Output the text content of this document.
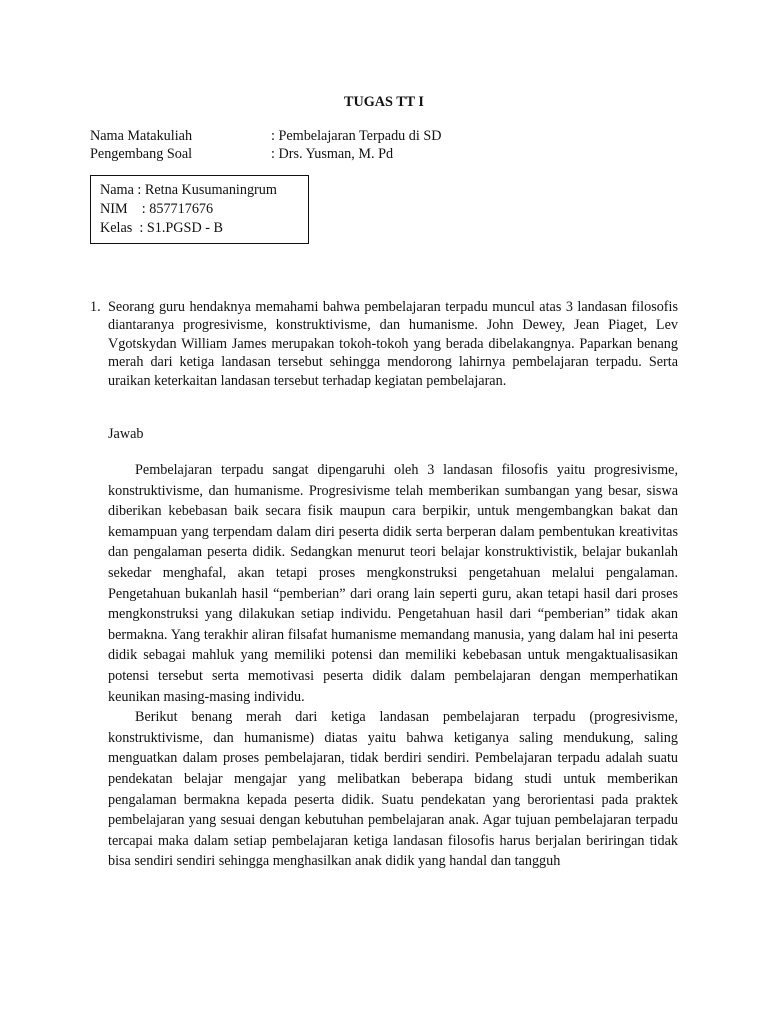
TUGAS TT I
Nama Matakuliah	: Pembelajaran Terpadu di SD
Pengembang Soal	: Drs. Yusman, M. Pd
Nama : Retna Kusumaningrum
NIM    : 857717676
Kelas  : S1.PGSD - B
1. Seorang guru hendaknya memahami bahwa pembelajaran terpadu muncul atas 3 landasan filosofis diantaranya progresivisme, konstruktivisme, dan humanisme. John Dewey, Jean Piaget, Lev Vgotskydan William James merupakan tokoh-tokoh yang berada dibelakangnya. Paparkan benang merah dari ketiga landasan tersebut sehingga mendorong lahirnya pembelajaran terpadu. Serta uraikan keterkaitan landasan tersebut terhadap kegiatan pembelajaran.
Jawab

Pembelajaran terpadu sangat dipengaruhi oleh 3 landasan filosofis yaitu progresivisme, konstruktivisme, dan humanisme. Progresivisme telah memberikan sumbangan yang besar, siswa diberikan kebebasan baik secara fisik maupun cara berpikir, untuk mengembangkan bakat dan kemampuan yang terpendam dalam diri peserta didik serta berperan dalam pembentukan kreativitas dan pengalaman peserta didik. Sedangkan menurut teori belajar konstruktivistik, belajar bukanlah sekedar menghafal, akan tetapi proses mengkonstruksi pengetahuan melalui pengalaman. Pengetahuan bukanlah hasil “pemberian” dari orang lain seperti guru, akan tetapi hasil dari proses mengkonstruksi yang dilakukan setiap individu. Pengetahuan hasil dari “pemberian” tidak akan bermakna. Yang terakhir aliran filsafat humanisme memandang manusia, yang dalam hal ini peserta didik sebagai mahluk yang memiliki potensi dan memiliki kebebasan untuk mengaktualisasikan potensi tersebut serta memotivasi peserta didik dalam pembelajaran dengan memperhatikan keunikan masing-masing individu.

Berikut benang merah dari ketiga landasan pembelajaran terpadu (progresivisme, konstruktivisme, dan humanisme) diatas yaitu bahwa ketiganya saling mendukung, saling menguatkan dalam proses pembelajaran, tidak berdiri sendiri. Pembelajaran terpadu adalah suatu pendekatan belajar mengajar yang melibatkan beberapa bidang studi untuk memberikan pengalaman bermakna kepada peserta didik. Suatu pendekatan yang berorientasi pada praktek pembelajaran yang sesuai dengan kebutuhan pembelajaran anak. Agar tujuan pembelajaran terpadu tercapai maka dalam setiap pembelajaran ketiga landasan filosofis harus berjalan beriringan tidak bisa sendiri sendiri sehingga menghasilkan anak didik yang handal dan tangguh
